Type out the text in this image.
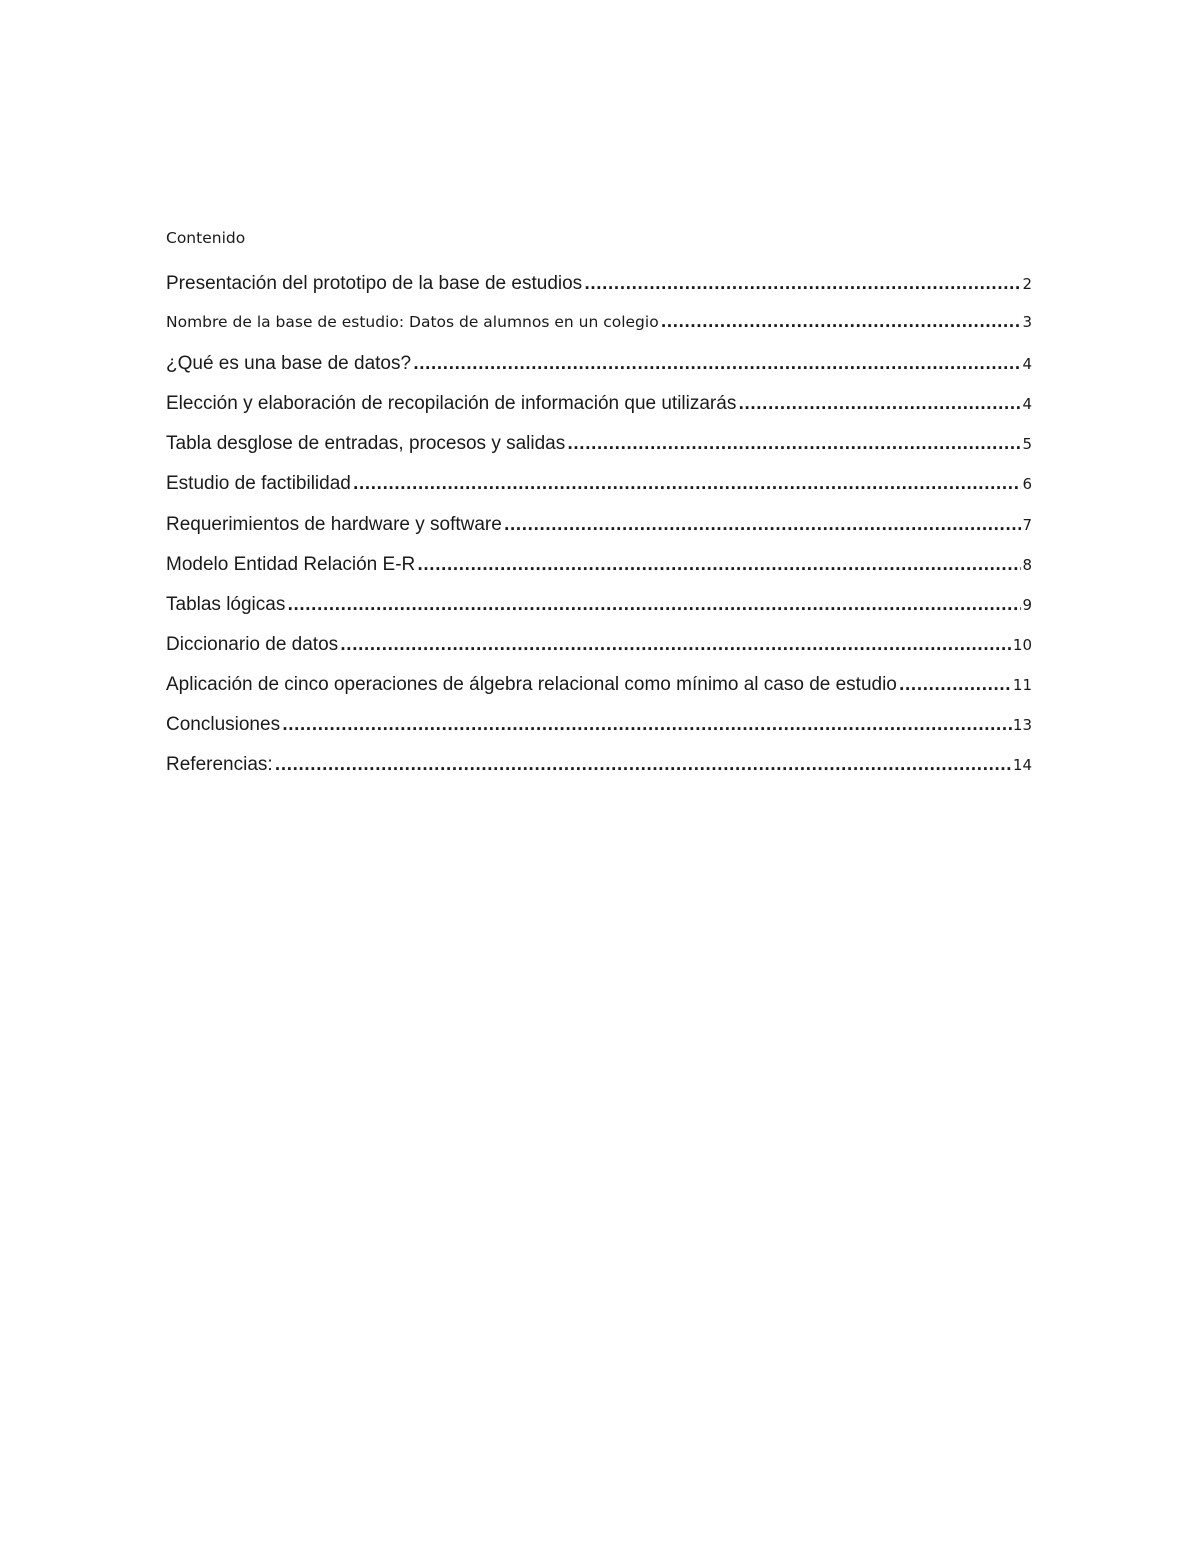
Contenido
Presentación del prototipo de la base de estudios .....	2
Nombre de la base de estudio: Datos de alumnos en un colegio .....	3
¿Qué es una base de datos? .....	4
Elección y elaboración de recopilación de información que utilizarás .....	4
Tabla desglose de entradas, procesos y salidas .....	5
Estudio de factibilidad .....	6
Requerimientos de hardware y software .....	7
Modelo Entidad Relación E-R .....	8
Tablas lógicas .....	9
Diccionario de datos .....	10
Aplicación de cinco operaciones de álgebra relacional como mínimo al caso de estudio .....	11
Conclusiones .....	13
Referencias: .....	14
